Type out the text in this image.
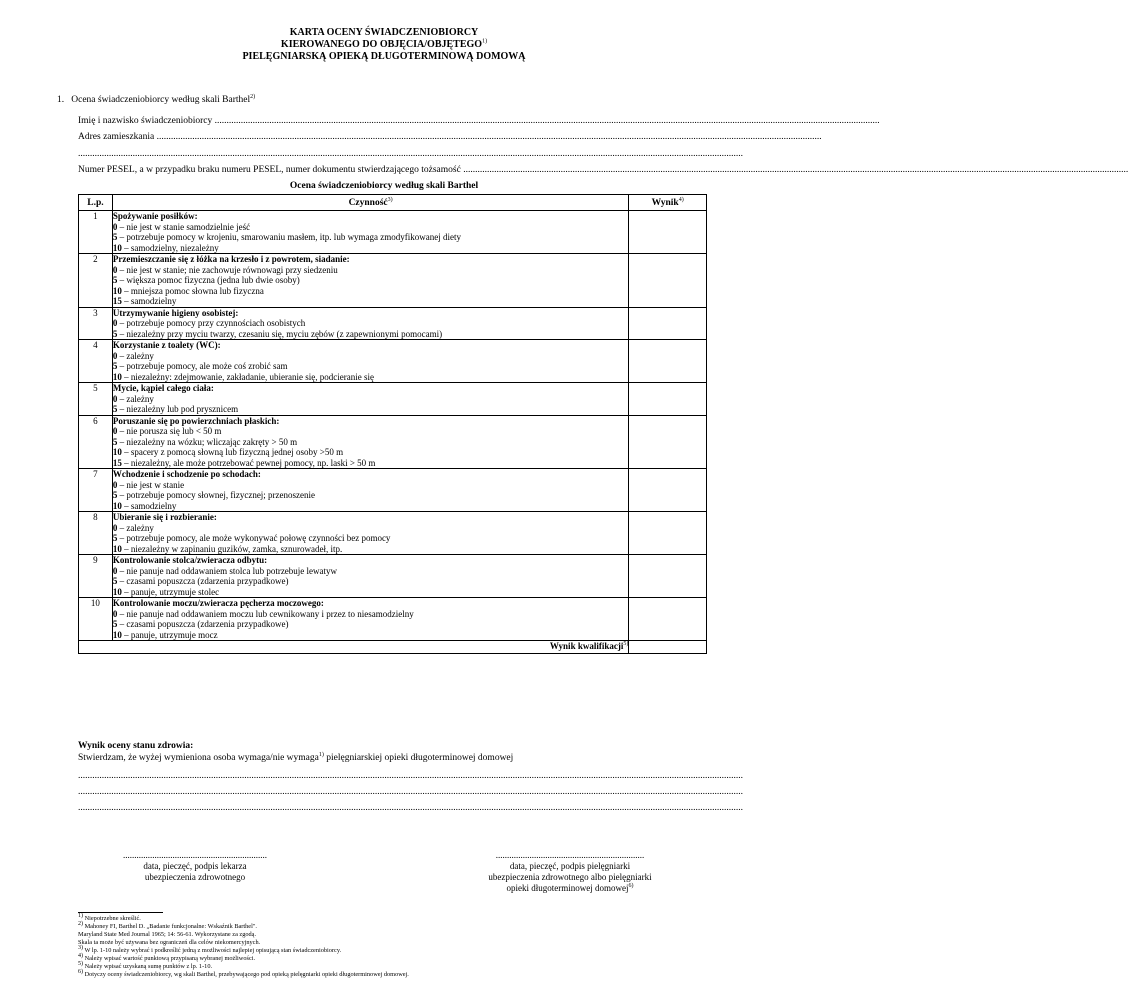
KARTA OCENY ŚWIADCZENIOBIORCY
KIEROWANEGO DO OBJĘCIA/OBJĘTEGO$^{1)}$
PIELĘGNIARSKĄ OPIEKĄ DŁUGOTERMINOWĄ DOMOWĄ
1. Ocena świadczeniobiorcy według skali Barthel$^{2)}$
Imię i nazwisko świadczeniobiorcy ........................................................................................................................................................................................................................................................................................
Adres zamieszkania ........................................................................................................................................................................................................................................................................................
........................................................................................................................................................................................................................................................................................
Numer PESEL, a w przypadku braku numeru PESEL, numer dokumentu stwierdzającego tożsamość ........................................................................................................................................................................................................................................................................................
Ocena świadczeniobiorcy według skali Barthel
L.p.	Czynność$^{3)}$	Wynik$^{4)}$
1	Spożywanie posiłków:
0 – nie jest w stanie samodzielnie jeść
5 – potrzebuje pomocy w krojeniu, smarowaniu masłem, itp. lub wymaga zmodyfikowanej diety
10 – samodzielny, niezależny	

2	Przemieszczanie się z łóżka na krzesło i z powrotem, siadanie:
0 – nie jest w stanie; nie zachowuje równowagi przy siedzeniu
5 – większa pomoc fizyczna (jedna lub dwie osoby)
10 – mniejsza pomoc słowna lub fizyczna
15 – samodzielny	

3	Utrzymywanie higieny osobistej:
0 – potrzebuje pomocy przy czynnościach osobistych
5 – niezależny przy myciu twarzy, czesaniu się, myciu zębów (z zapewnionymi pomocami)	

4	Korzystanie z toalety (WC):
0 – zależny
5 – potrzebuje pomocy, ale może coś zrobić sam
10 – niezależny: zdejmowanie, zakładanie, ubieranie się, podcieranie się	

5	Mycie, kąpiel całego ciała:
0 – zależny
5 – niezależny lub pod prysznicem	

6	Poruszanie się po powierzchniach płaskich:
0 – nie porusza się lub < 50 m
5 – niezależny na wózku; wliczając zakręty > 50 m
10 – spacery z pomocą słowną lub fizyczną jednej osoby >50 m
15 – niezależny, ale może potrzebować pewnej pomocy, np. laski > 50 m	

7	Wchodzenie i schodzenie po schodach:
0 – nie jest w stanie
5 – potrzebuje pomocy słownej, fizycznej; przenoszenie
10 – samodzielny	

8	Ubieranie się i rozbieranie:
0 – zależny
5 – potrzebuje pomocy, ale może wykonywać połowę czynności bez pomocy
10 – niezależny w zapinaniu guzików, zamka, sznurowadeł, itp.	

9	Kontrolowanie stolca/zwieracza odbytu:
0 – nie panuje nad oddawaniem stolca lub potrzebuje lewatyw
5 – czasami popuszcza (zdarzenia przypadkowe)
10 – panuje, utrzymuje stolec	

10	Kontrolowanie moczu/zwieracza pęcherza moczowego:
0 – nie panuje nad oddawaniem moczu lub cewnikowany i przez to niesamodzielny
5 – czasami popuszcza (zdarzenia przypadkowe)
10 – panuje, utrzymuje mocz	

Wynik kwalifikacji$^{5)}$	
Wynik oceny stanu zdrowia:
Stwierdzam, że wyżej wymieniona osoba wymaga/nie wymaga$^{1)}$ pielęgniarskiej opieki długoterminowej domowej
........................................................................................................................................................................................................................................................................................
........................................................................................................................................................................................................................................................................................
........................................................................................................................................................................................................................................................................................
................................................................
data, pieczęć, podpis lekarza
ubezpieczenia zdrowotnego
..................................................................
data, pieczęć, podpis pielęgniarki
ubezpieczenia zdrowotnego albo pielęgniarki
opieki długoterminowej domowej$^{6)}$
1) Niepotrzebne skreślić.
2) Mahoney FI, Barthel D. „Badanie funkcjonalne: Wskaźnik Barthel".
Maryland State Med Journal 1965; 14: 56-61. Wykorzystane za zgodą.
Skala ta może być używana bez ograniczeń dla celów niekomercyjnych.
3) W lp. 1-10 należy wybrać i podkreślić jedną z możliwości najlepiej opisującą stan świadczeniobiorcy.
4) Należy wpisać wartość punktową przypisaną wybranej możliwości.
5) Należy wpisać uzyskaną sumę punktów z lp. 1-10.
6) Dotyczy oceny świadczeniobiorcy, wg skali Barthel, przebywającego pod opieką pielęgniarki opieki długoterminowej domowej.
